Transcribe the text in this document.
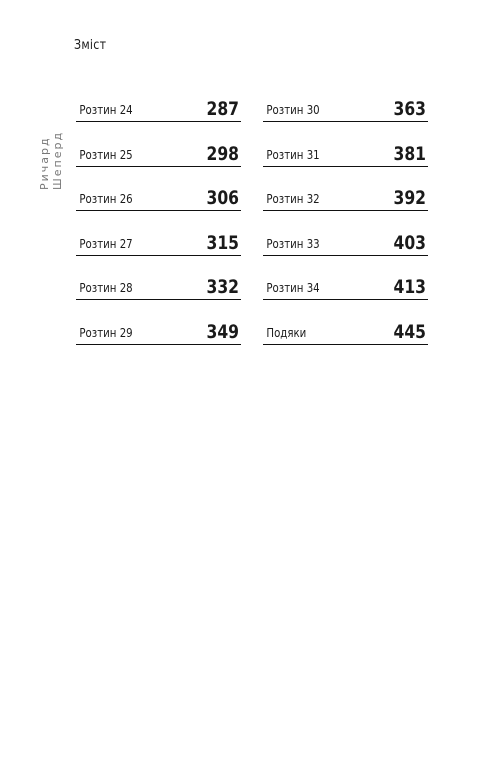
Зміст
Ричард Шеперд
Розтин 24	287 Розтин 30	363
Розтин 25	298 Розтин 31	381
Розтин 26	306 Розтин 32	392
Розтин 27	315 Розтин 33	403
Розтин 28	332 Розтин 34	413
Розтин 29	349 Подяки	445
